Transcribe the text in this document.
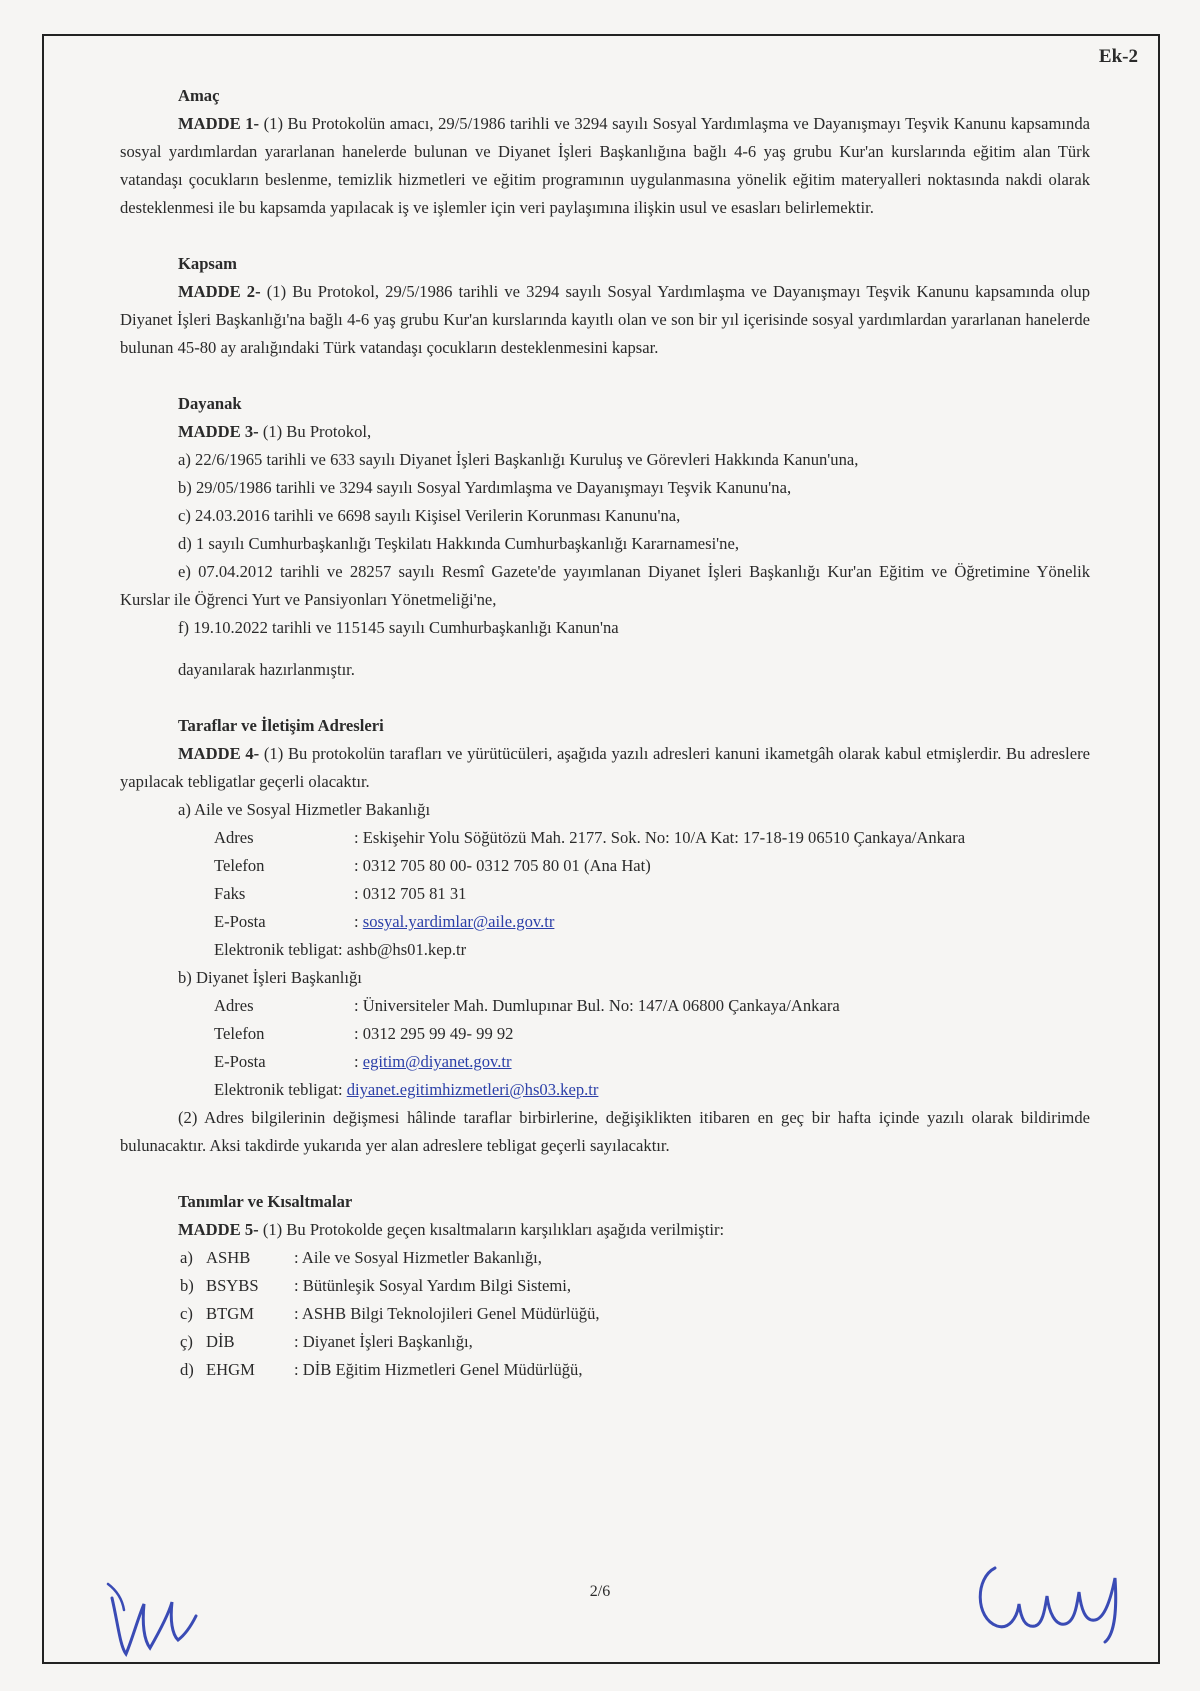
Ek-2
Amaç
MADDE 1- (1) Bu Protokolün amacı, 29/5/1986 tarihli ve 3294 sayılı Sosyal Yardımlaşma ve Dayanışmayı Teşvik Kanunu kapsamında sosyal yardımlardan yararlanan hanelerde bulunan ve Diyanet İşleri Başkanlığına bağlı 4-6 yaş grubu Kur'an kurslarında eğitim alan Türk vatandaşı çocukların beslenme, temizlik hizmetleri ve eğitim programının uygulanmasına yönelik eğitim materyalleri noktasında nakdi olarak desteklenmesi ile bu kapsamda yapılacak iş ve işlemler için veri paylaşımına ilişkin usul ve esasları belirlemektir.
Kapsam
MADDE 2- (1) Bu Protokol, 29/5/1986 tarihli ve 3294 sayılı Sosyal Yardımlaşma ve Dayanışmayı Teşvik Kanunu kapsamında olup Diyanet İşleri Başkanlığı'na bağlı 4-6 yaş grubu Kur'an kurslarında kayıtlı olan ve son bir yıl içerisinde sosyal yardımlardan yararlanan hanelerde bulunan 45-80 ay aralığındaki Türk vatandaşı çocukların desteklenmesini kapsar.
Dayanak
MADDE 3- (1) Bu Protokol,
a) 22/6/1965 tarihli ve 633 sayılı Diyanet İşleri Başkanlığı Kuruluş ve Görevleri Hakkında Kanun'una,
b) 29/05/1986 tarihli ve 3294 sayılı Sosyal Yardımlaşma ve Dayanışmayı Teşvik Kanunu'na,
c) 24.03.2016 tarihli ve 6698 sayılı Kişisel Verilerin Korunması Kanunu'na,
d) 1 sayılı Cumhurbaşkanlığı Teşkilatı Hakkında Cumhurbaşkanlığı Kararnamesi'ne,
e) 07.04.2012 tarihli ve 28257 sayılı Resmî Gazete'de yayımlanan Diyanet İşleri Başkanlığı Kur'an Eğitim ve Öğretimine Yönelik Kurslar ile Öğrenci Yurt ve Pansiyonları Yönetmeliği'ne,
f) 19.10.2022 tarihli ve 115145 sayılı Cumhurbaşkanlığı Kanun'na
dayanılarak hazırlanmıştır.
Taraflar ve İletişim Adresleri
MADDE 4- (1) Bu protokolün tarafları ve yürütücüleri, aşağıda yazılı adresleri kanuni ikametgâh olarak kabul etmişlerdir. Bu adreslere yapılacak tebligatlar geçerli olacaktır.
a) Aile ve Sosyal Hizmetler Bakanlığı
Adres	: Eskişehir Yolu Söğütözü Mah. 2177. Sok. No: 10/A Kat: 17-18-19 06510 Çankaya/Ankara
Telefon	: 0312 705 80 00- 0312 705 80 01 (Ana Hat)
Faks	: 0312 705 81 31
E-Posta	: sosyal.yardimlar@aile.gov.tr
Elektronik tebligat: ashb@hs01.kep.tr
b) Diyanet İşleri Başkanlığı
Adres	: Üniversiteler Mah. Dumlupınar Bul. No: 147/A 06800 Çankaya/Ankara
Telefon	: 0312 295 99 49- 99 92
E-Posta	: egitim@diyanet.gov.tr
Elektronik tebligat: diyanet.egitimhizmetleri@hs03.kep.tr
(2) Adres bilgilerinin değişmesi hâlinde taraflar birbirlerine, değişiklikten itibaren en geç bir hafta içinde yazılı olarak bildirimde bulunacaktır. Aksi takdirde yukarıda yer alan adreslere tebligat geçerli sayılacaktır.
Tanımlar ve Kısaltmalar
MADDE 5- (1) Bu Protokolde geçen kısaltmaların karşılıkları aşağıda verilmiştir:
a) ASHB	: Aile ve Sosyal Hizmetler Bakanlığı,
b) BSYBS	: Bütünleşik Sosyal Yardım Bilgi Sistemi,
c) BTGM	: ASHB Bilgi Teknolojileri Genel Müdürlüğü,
ç) DİB	: Diyanet İşleri Başkanlığı,
d) EHGM	: DİB Eğitim Hizmetleri Genel Müdürlüğü,
2/6
